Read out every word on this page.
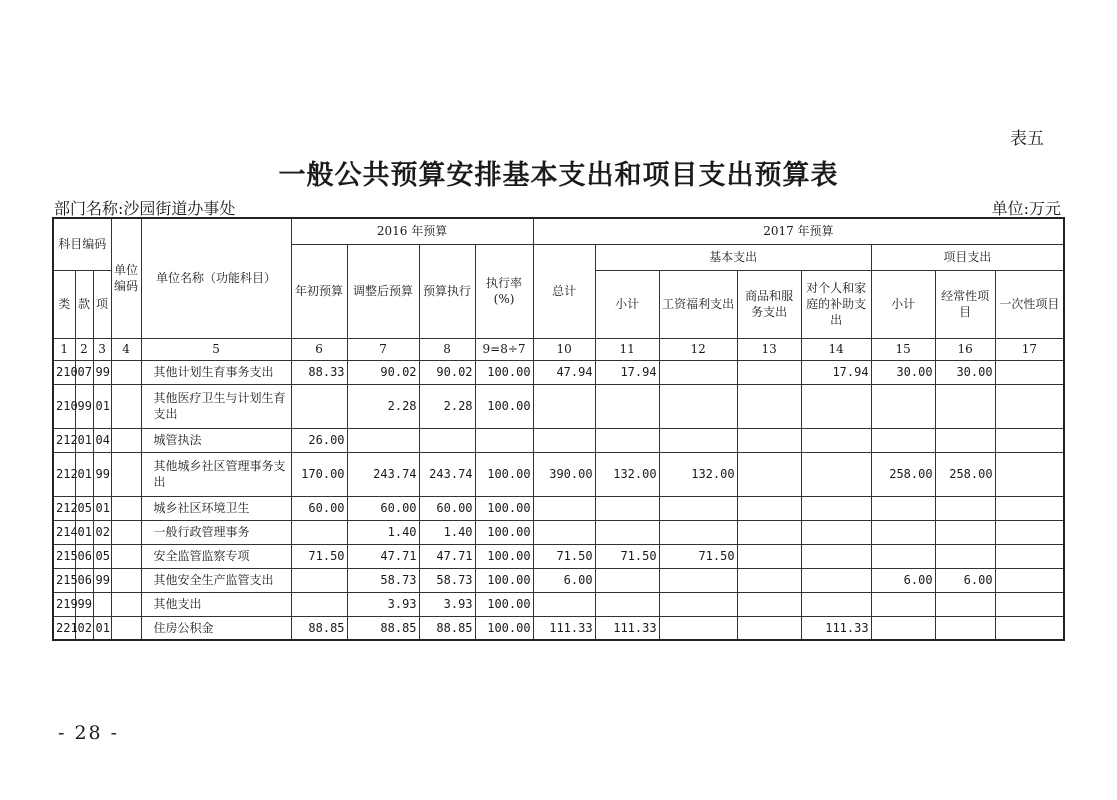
表五
一般公共预算安排基本支出和项目支出预算表
部门名称:沙园街道办事处	单位:万元
科目编码			单位编码	单位名称（功能科目）	2016 年预算				2017 年预算							
					年初预算	调整后预算	预算执行	执行率(%)	总计	基本支出				项目支出		
类	款	项								小计	工资福利支出	商品和服务支出	对个人和家庭的补助支出	小计	经常性项目	一次性项目
1	2	3	4	5	6	7	8	9=8÷7	10	11	12	13	14	15	16	17
210	07	99		其他计划生育事务支出	88.33	90.02	90.02	100.00	47.94	17.94			17.94	30.00	30.00	
210	99	01		其他医疗卫生与计划生育支出		2.28	2.28	100.00								
212	01	04		城管执法	26.00											
212	01	99		其他城乡社区管理事务支出	170.00	243.74	243.74	100.00	390.00	132.00	132.00			258.00	258.00	
212	05	01		城乡社区环境卫生	60.00	60.00	60.00	100.00								
214	01	02		一般行政管理事务		1.40	1.40	100.00								
215	06	05		安全监管监察专项	71.50	47.71	47.71	100.00	71.50	71.50	71.50					
215	06	99		其他安全生产监管支出		58.73	58.73	100.00	6.00					6.00	6.00	
219	99			其他支出		3.93	3.93	100.00								
221	02	01		住房公积金	88.85	88.85	88.85	100.00	111.33	111.33			111.33			
- 28 -
